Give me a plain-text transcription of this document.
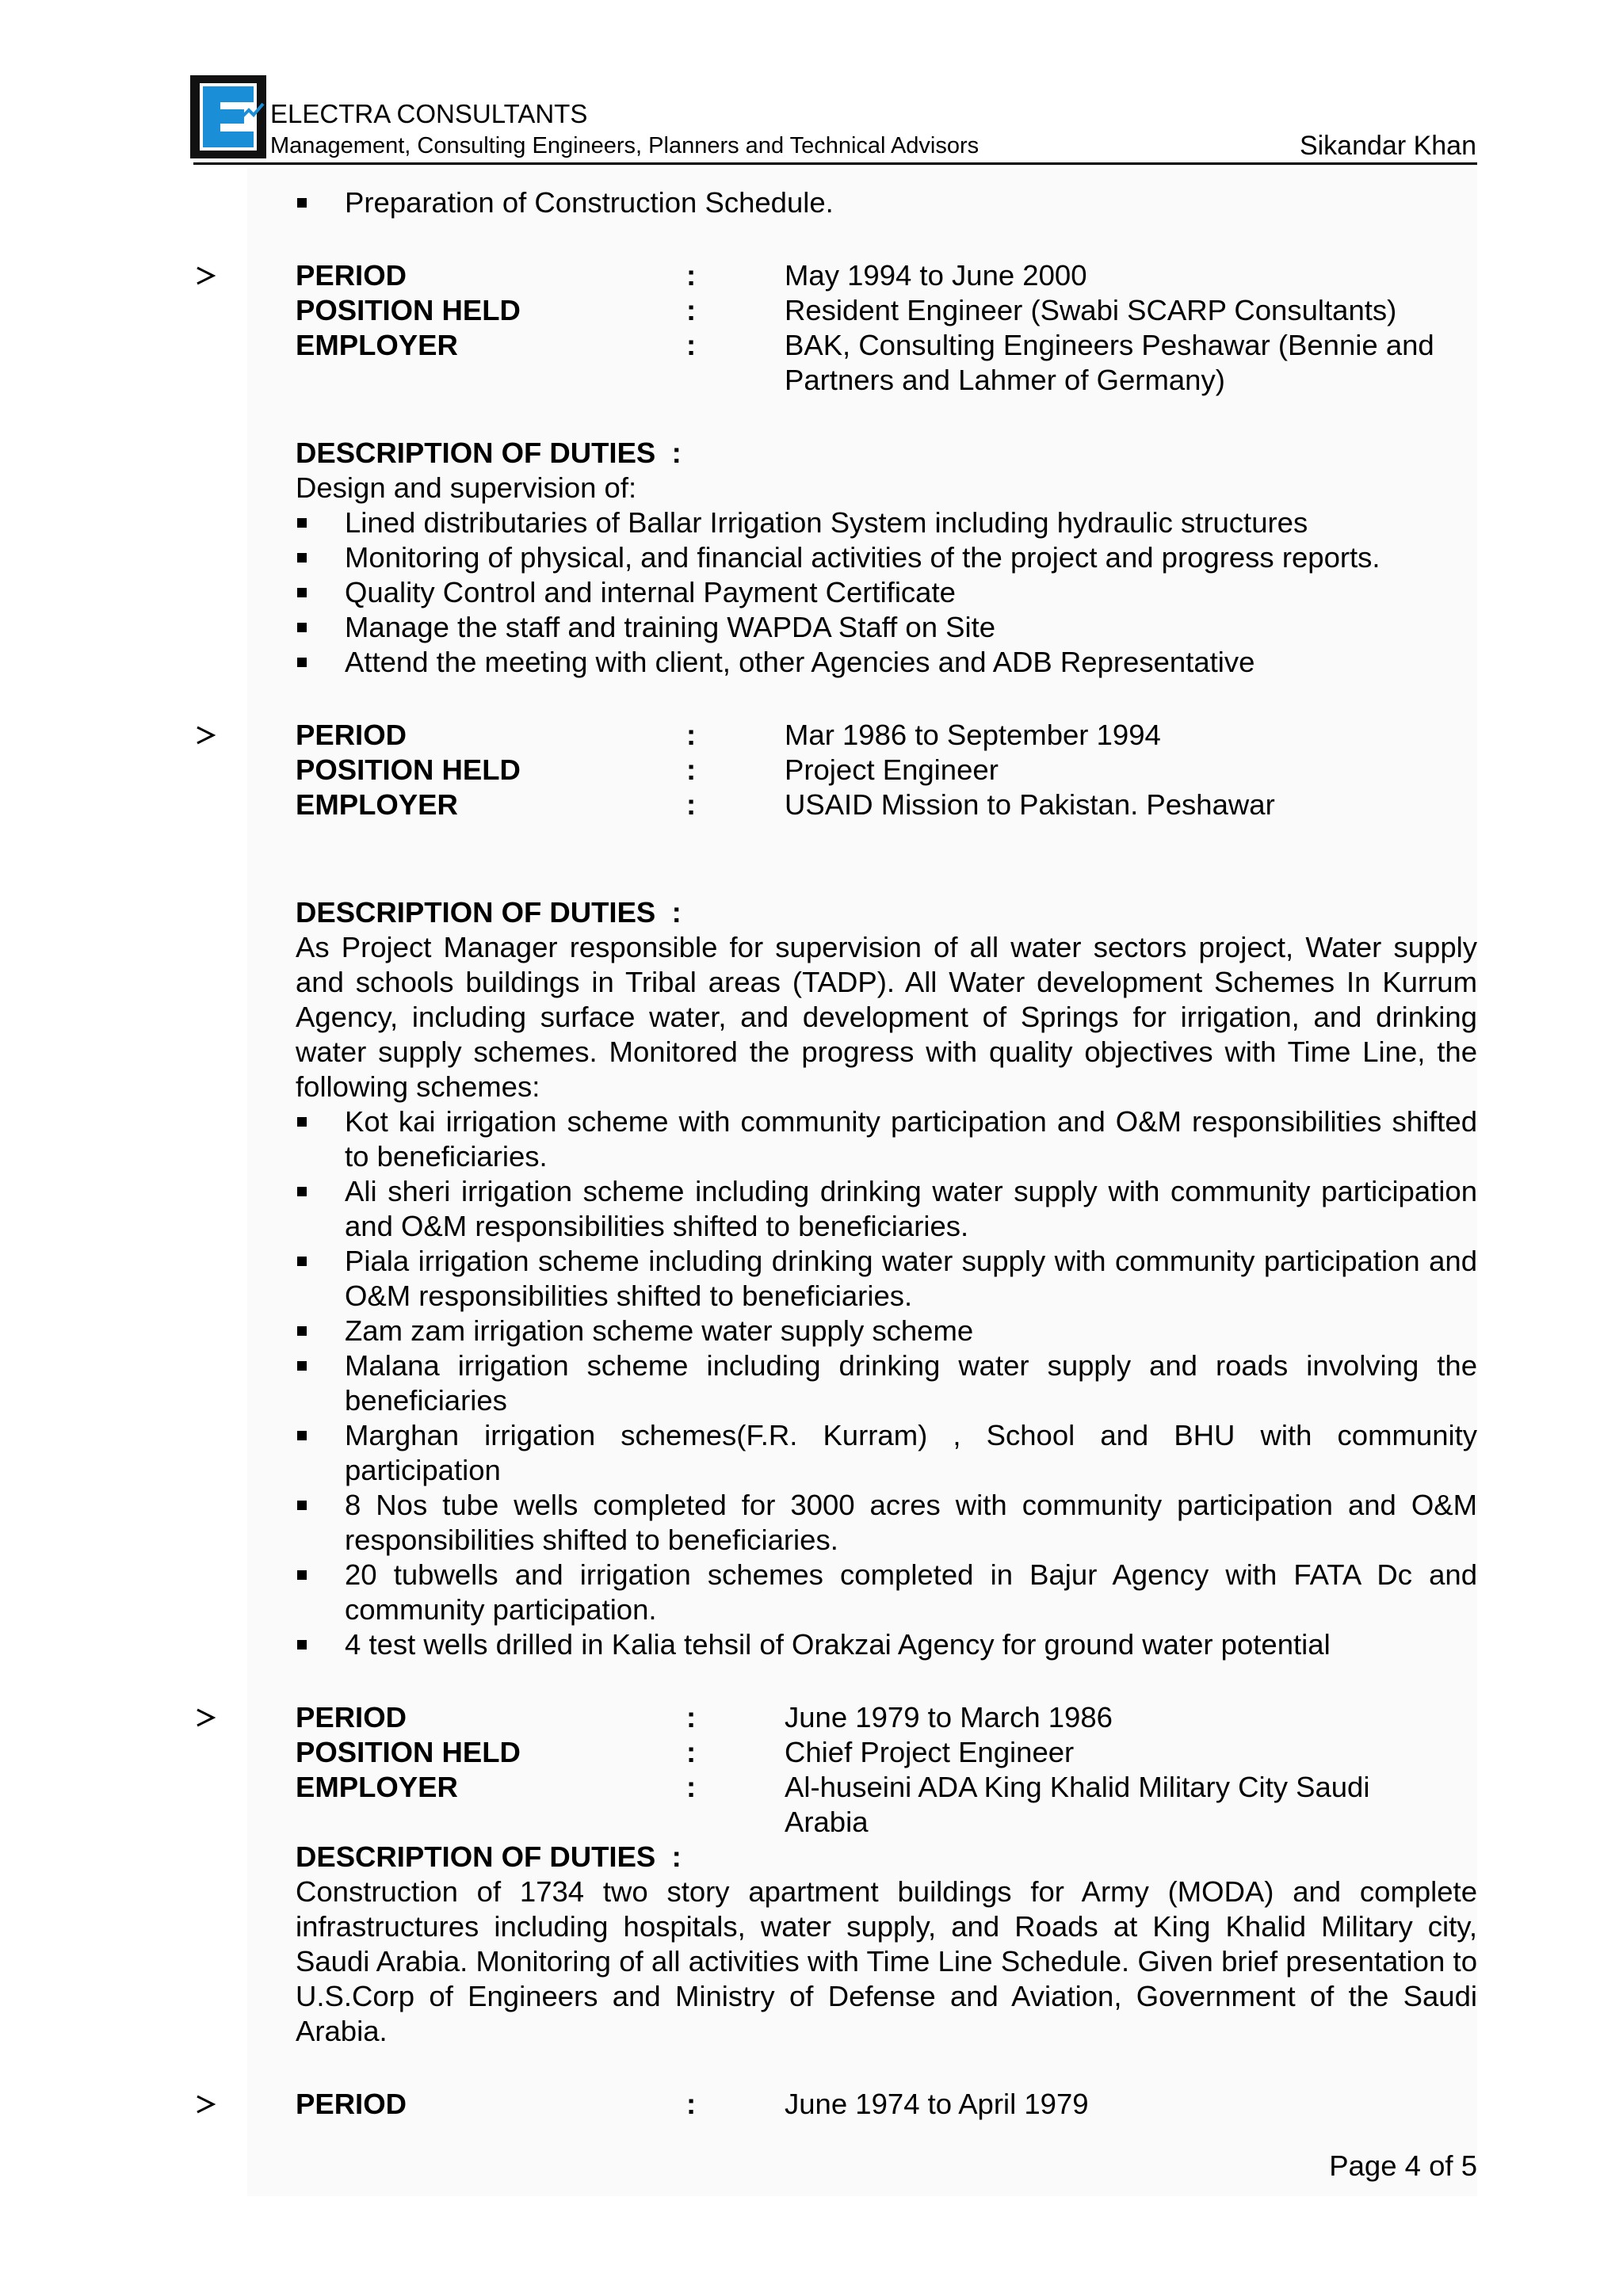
ELECTRA CONSULTANTS
Management, Consulting Engineers, Planners and Technical Advisors	Sikandar Khan
Preparation of Construction Schedule.
PERIOD	:	May 1994 to June 2000
POSITION HELD	:	Resident Engineer (Swabi SCARP Consultants)
EMPLOYER	:	BAK, Consulting Engineers Peshawar (Bennie and Partners and Lahmer of Germany)
DESCRIPTION OF DUTIES :
Design and supervision of:
Lined distributaries of Ballar Irrigation System including hydraulic structures
Monitoring of physical, and financial activities of the project and progress reports.
Quality Control and internal Payment Certificate
Manage the staff and training WAPDA Staff on Site
Attend the meeting with client, other Agencies and ADB Representative
PERIOD	:	Mar 1986 to September 1994
POSITION HELD	:	Project Engineer
EMPLOYER	:	USAID Mission to Pakistan. Peshawar
DESCRIPTION OF DUTIES :
As Project Manager responsible for supervision of all water sectors project, Water supply and schools buildings in Tribal areas (TADP). All Water development Schemes In Kurrum Agency, including surface water, and development of Springs for irrigation, and drinking water supply schemes. Monitored the progress with quality objectives with Time Line, the following schemes:
Kot kai irrigation scheme with community participation and O&M responsibilities shifted to beneficiaries.
Ali sheri irrigation scheme including drinking water supply with community participation and O&M responsibilities shifted to beneficiaries.
Piala irrigation scheme including drinking water supply with community participation and O&M responsibilities shifted to beneficiaries.
Zam zam irrigation scheme water supply scheme
Malana irrigation scheme including drinking water supply and roads involving the beneficiaries
Marghan irrigation schemes(F.R. Kurram) , School and BHU with community participation
8 Nos tube wells completed for 3000 acres with community participation and O&M responsibilities shifted to beneficiaries.
20 tubwells and irrigation schemes completed in Bajur Agency with FATA Dc and community participation.
4 test wells drilled in Kalia tehsil of Orakzai Agency for ground water potential
PERIOD	:	June 1979 to March 1986
POSITION HELD	:	Chief Project Engineer
EMPLOYER	:	Al-huseini ADA King Khalid Military City Saudi Arabia
DESCRIPTION OF DUTIES :
Construction of 1734 two story apartment buildings for Army (MODA) and complete infrastructures including hospitals, water supply, and Roads at King Khalid Military city, Saudi Arabia. Monitoring of all activities with Time Line Schedule. Given brief presentation to U.S.Corp of Engineers and Ministry of Defense and Aviation, Government of the Saudi Arabia.
PERIOD	:	June 1974 to April 1979
Page 4 of 5
